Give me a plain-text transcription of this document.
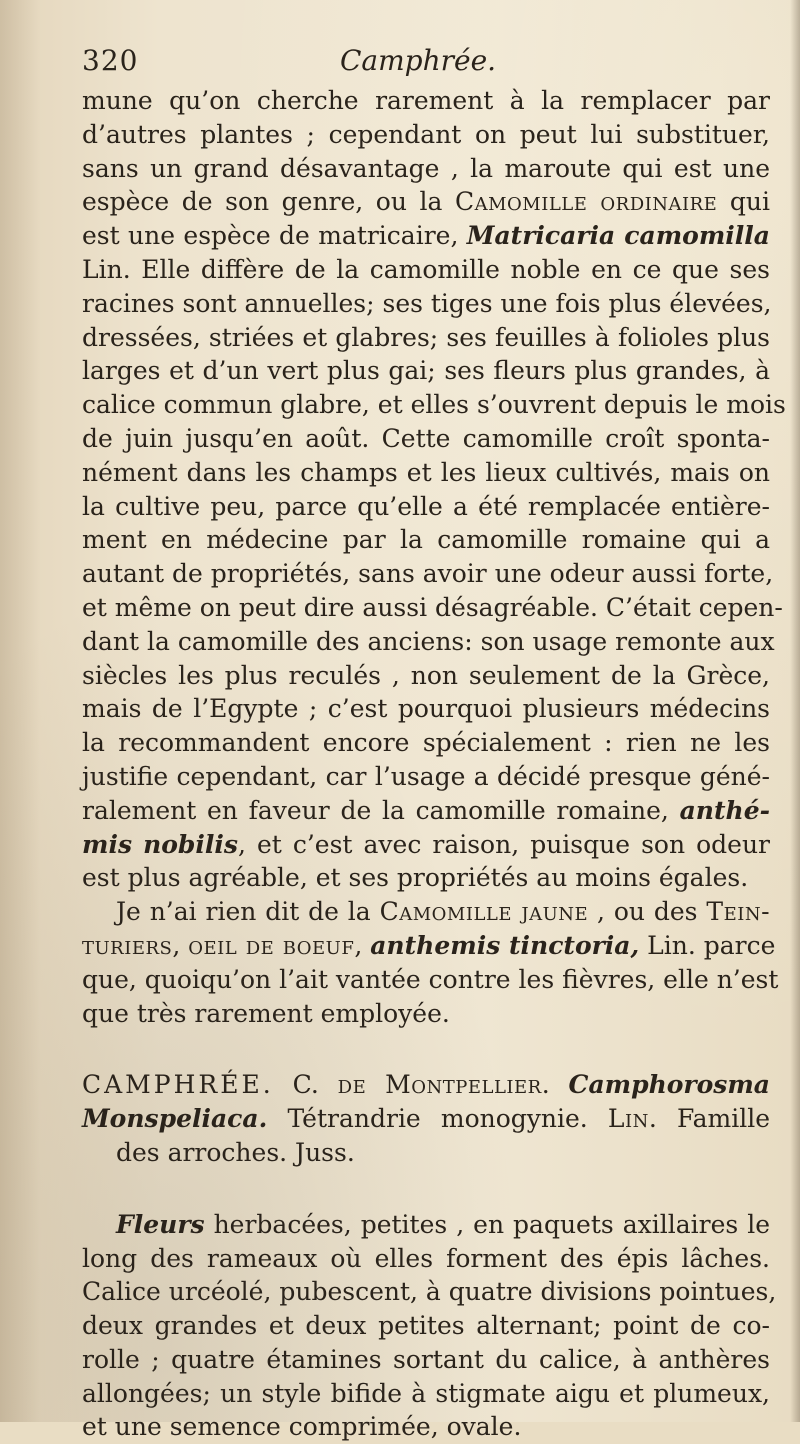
320	Camphrée.
mune qu’on cherche rarement à la remplacer par
d’autres plantes ; cependant on peut lui substituer,
sans un grand désavantage , la maroute qui est une
espèce de son genre, ou la Camomille ordinaire qui
est une espèce de matricaire, Matricaria camomilla
Lin. Elle diffère de la camomille noble en ce que ses
racines sont annuelles; ses tiges une fois plus élevées,
dressées, striées et glabres; ses feuilles à folioles plus
larges et d’un vert plus gai; ses fleurs plus grandes, à
calice commun glabre, et elles s’ouvrent depuis le mois
de juin jusqu’en août. Cette camomille croît sponta-
nément dans les champs et les lieux cultivés, mais on
la cultive peu, parce qu’elle a été remplacée entière-
ment en médecine par la camomille romaine qui a
autant de propriétés, sans avoir une odeur aussi forte,
et même on peut dire aussi désagréable. C’était cepen-
dant la camomille des anciens: son usage remonte aux
siècles les plus reculés , non seulement de la Grèce,
mais de l’Egypte ; c’est pourquoi plusieurs médecins
la recommandent encore spécialement : rien ne les
justifie cependant, car l’usage a décidé presque géné-
ralement en faveur de la camomille romaine, anthé-
mis nobilis, et c’est avec raison, puisque son odeur
est plus agréable, et ses propriétés au moins égales.
Je n’ai rien dit de la Camomille jaune , ou des Tein-
turiers, oeil de boeuf, anthemis tinctoria, Lin. parce
que, quoiqu’on l’ait vantée contre les fièvres, elle n’est
que très rarement employée.
CAMPHRÉE. C. de Montpellier. Camphorosma
Monspeliaca. Tétrandrie monogynie. Lin. Famille
des arroches. Juss.
Fleurs herbacées, petites , en paquets axillaires le
long des rameaux où elles forment des épis lâches.
Calice urcéolé, pubescent, à quatre divisions pointues,
deux grandes et deux petites alternant; point de co-
rolle ; quatre étamines sortant du calice, à anthères
allongées; un style bifide à stigmate aigu et plumeux,
et une semence comprimée, ovale.
